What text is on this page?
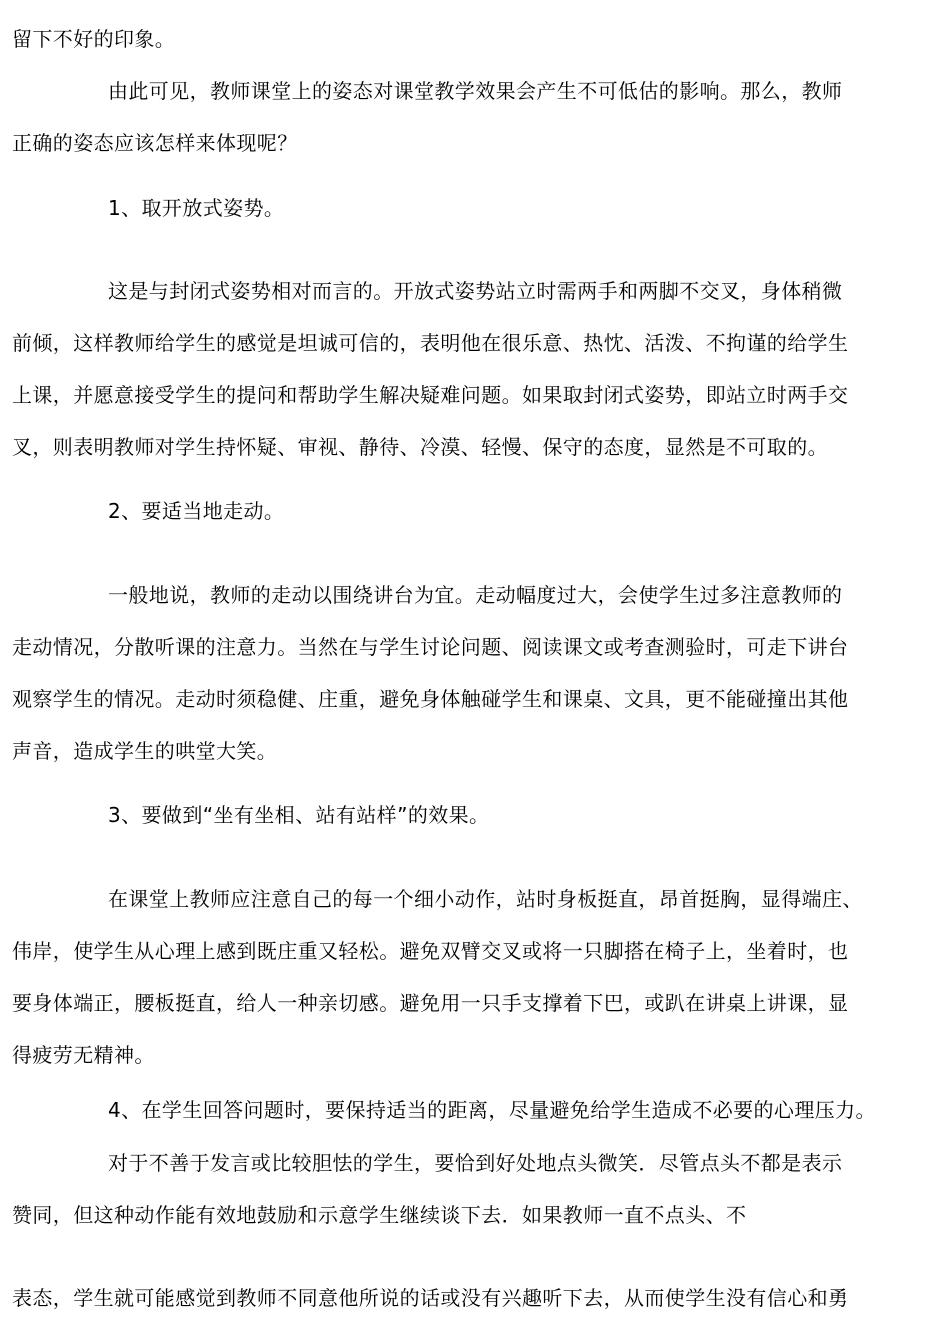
留下不好的印象。
由此可见，教师课堂上的姿态对课堂教学效果会产生不可低估的影响。那么，教师
正确的姿态应该怎样来体现呢？
1、取开放式姿势。
这是与封闭式姿势相对而言的。开放式姿势站立时需两手和两脚不交叉，身体稍微
前倾，这样教师给学生的感觉是坦诚可信的，表明他在很乐意、热忱、活泼、不拘谨的给学生
上课，并愿意接受学生的提问和帮助学生解决疑难问题。如果取封闭式姿势，即站立时两手交
叉，则表明教师对学生持怀疑、审视、静待、冷漠、轻慢、保守的态度，显然是不可取的。
2、要适当地走动。
一般地说，教师的走动以围绕讲台为宜。走动幅度过大，会使学生过多注意教师的
走动情况，分散听课的注意力。当然在与学生讨论问题、阅读课文或考查测验时，可走下讲台
观察学生的情况。走动时须稳健、庄重，避免身体触碰学生和课桌、文具，更不能碰撞出其他
声音，造成学生的哄堂大笑。
3、要做到“坐有坐相、站有站样”的效果。
在课堂上教师应注意自己的每一个细小动作，站时身板挺直，昂首挺胸，显得端庄、
伟岸，使学生从心理上感到既庄重又轻松。避免双臂交叉或将一只脚搭在椅子上，坐着时，也
要身体端正，腰板挺直，给人一种亲切感。避免用一只手支撑着下巴，或趴在讲桌上讲课，显
得疲劳无精神。
4、在学生回答问题时，要保持适当的距离，尽量避免给学生造成不必要的心理压力。
对于不善于发言或比较胆怯的学生，要恰到好处地点头微笑．尽管点头不都是表示
赞同，但这种动作能有效地鼓励和示意学生继续谈下去．如果教师一直不点头、不
表态，学生就可能感觉到教师不同意他所说的话或没有兴趣听下去，从而使学生没有信心和勇
